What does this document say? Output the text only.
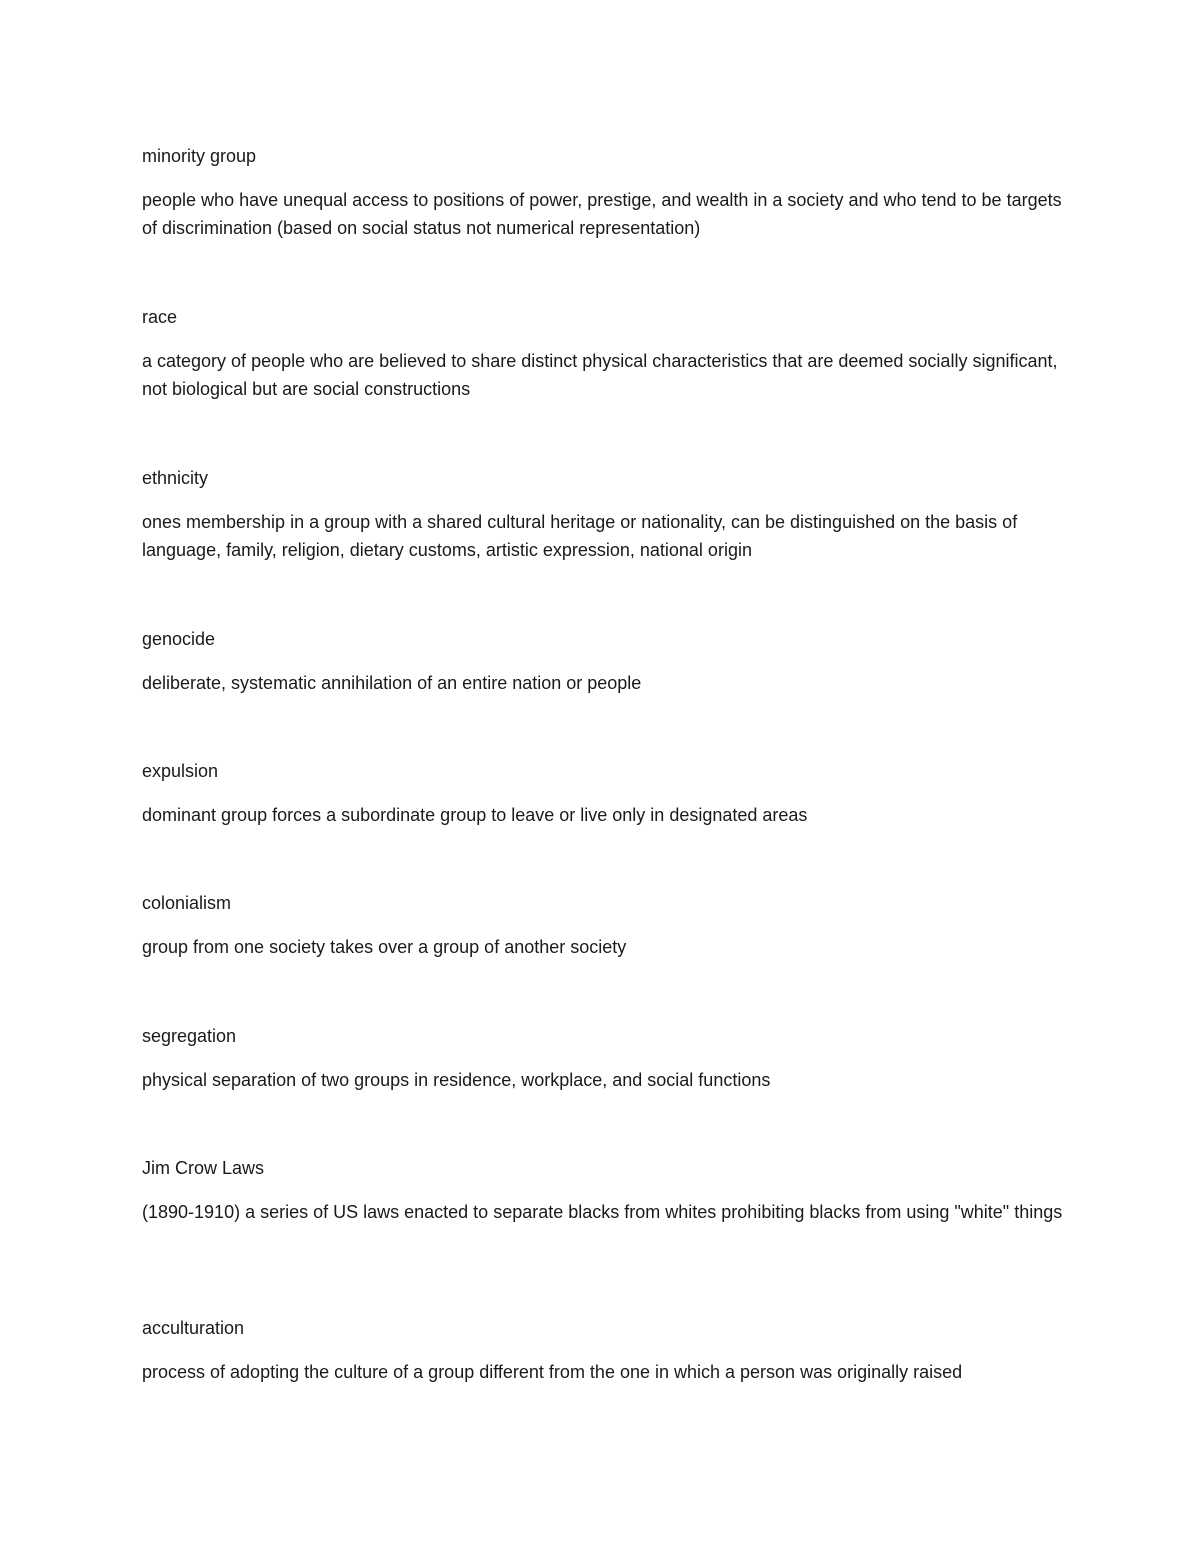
minority group

people who have unequal access to positions of power, prestige, and wealth in a society and who tend to be targets of discrimination (based on social status not numerical representation)

race

a category of people who are believed to share distinct physical characteristics that are deemed socially significant, not biological but are social constructions

ethnicity

ones membership in a group with a shared cultural heritage or nationality, can be distinguished on the basis of language, family, religion, dietary customs, artistic expression, national origin

genocide

deliberate, systematic annihilation of an entire nation or people

expulsion

dominant group forces a subordinate group to leave or live only in designated areas

colonialism

group from one society takes over a group of another society

segregation

physical separation of two groups in residence, workplace, and social functions

Jim Crow Laws

(1890-1910) a series of US laws enacted to separate blacks from whites prohibiting blacks from using "white" things

acculturation

process of adopting the culture of a group different from the one in which a person was originally raised
